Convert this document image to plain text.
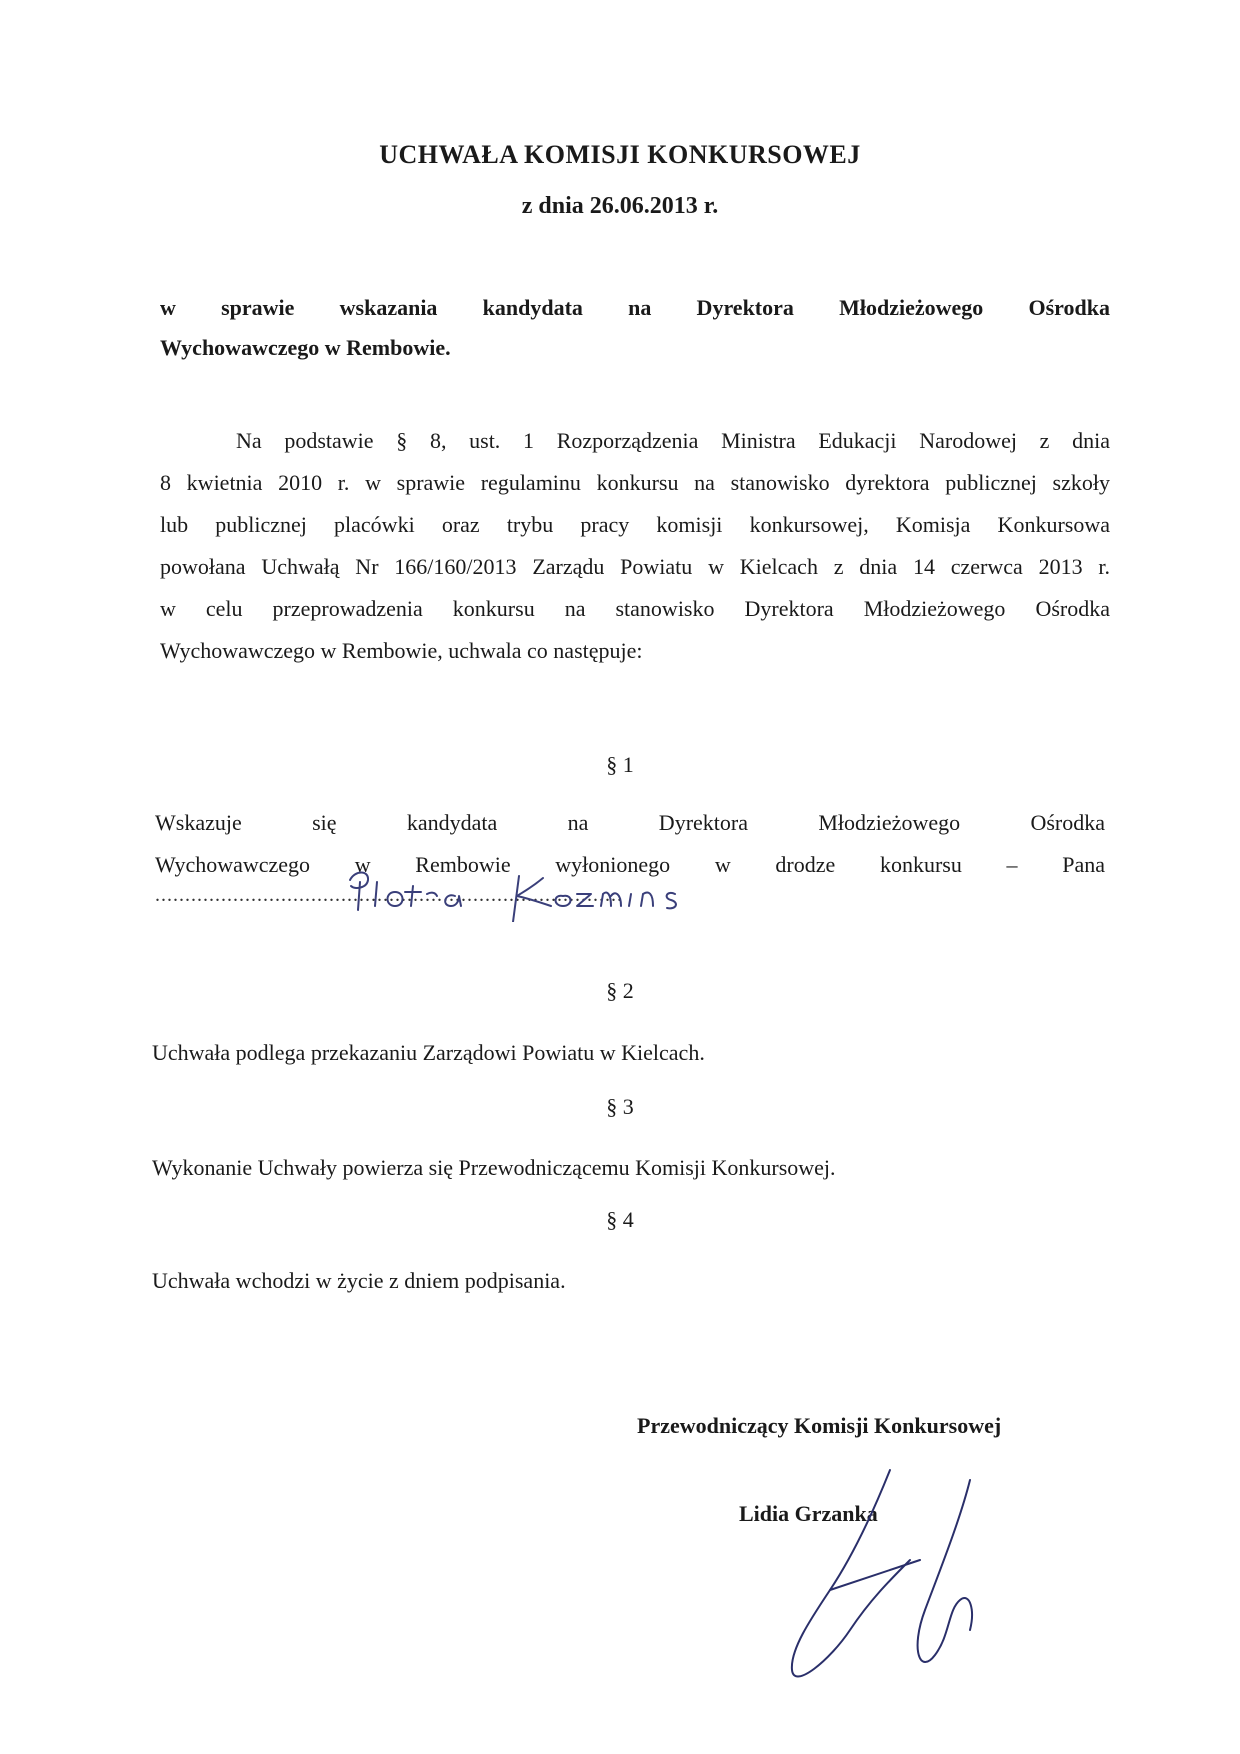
UCHWAŁA KOMISJI KONKURSOWEJ
z dnia 26.06.2013 r.
w sprawie wskazania kandydata na Dyrektora Młodzieżowego Ośrodka
Wychowawczego w Rembowie.
Na podstawie § 8, ust. 1 Rozporządzenia Ministra Edukacji Narodowej z dnia
8 kwietnia 2010 r. w sprawie regulaminu konkursu na stanowisko dyrektora publicznej szkoły
lub publicznej placówki oraz trybu pracy komisji konkursowej, Komisja Konkursowa
powołana Uchwałą Nr 166/160/2013 Zarządu Powiatu w Kielcach z dnia 14 czerwca 2013 r.
w celu przeprowadzenia konkursu na stanowisko Dyrektora Młodzieżowego Ośrodka
Wychowawczego w Rembowie, uchwala co następuje:
§ 1
Wskazuje się kandydata na Dyrektora Młodzieżowego Ośrodka
Wychowawczego w Rembowie wyłonionego w drodze konkursu – Pana
..............................................................................
§ 2
Uchwała podlega przekazaniu Zarządowi Powiatu w Kielcach.
§ 3
Wykonanie Uchwały powierza się Przewodniczącemu Komisji Konkursowej.
§ 4
Uchwała wchodzi w życie z dniem podpisania.
Przewodniczący Komisji Konkursowej
Lidia Grzanka
